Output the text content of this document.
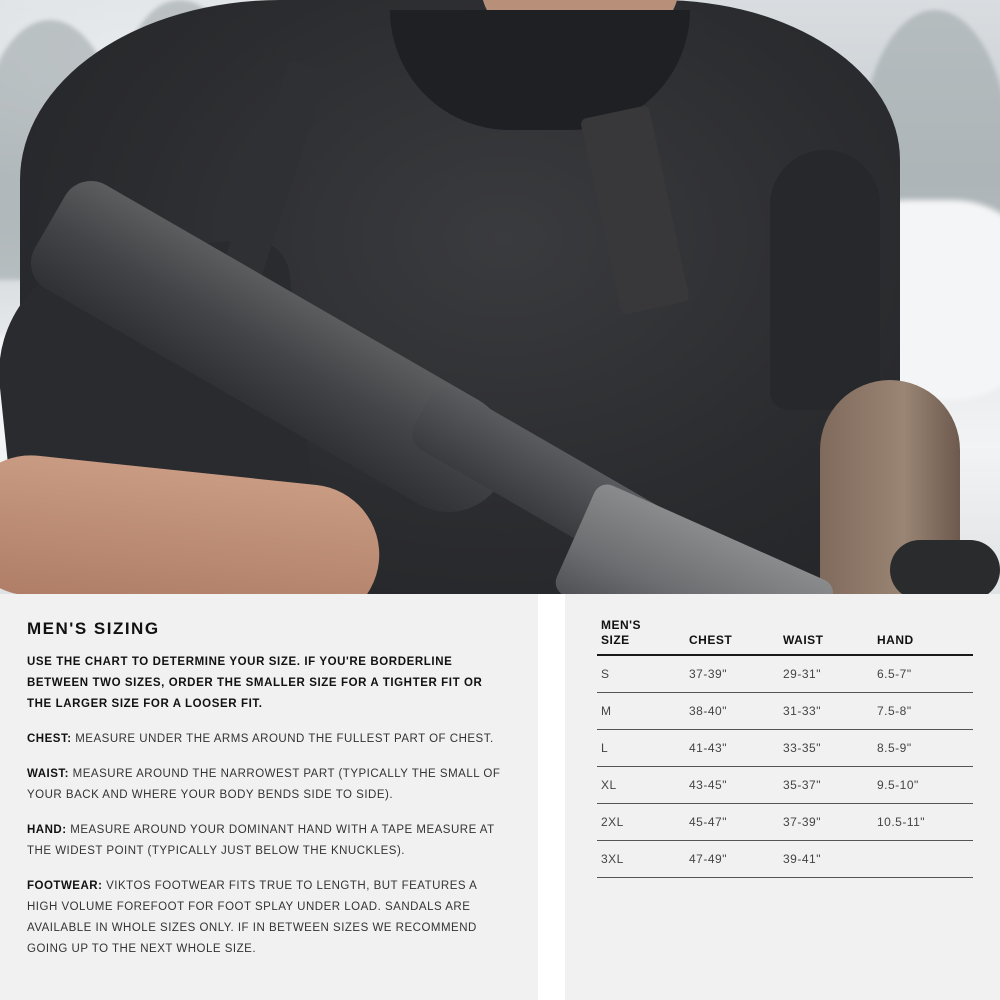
MEN'S SIZING

USE THE CHART TO DETERMINE YOUR SIZE. IF YOU'RE BORDERLINE BETWEEN TWO SIZES, ORDER THE SMALLER SIZE FOR A TIGHTER FIT OR THE LARGER SIZE FOR A LOOSER FIT.

CHEST: MEASURE UNDER THE ARMS AROUND THE FULLEST PART OF CHEST.

WAIST: MEASURE AROUND THE NARROWEST PART (TYPICALLY THE SMALL OF YOUR BACK AND WHERE YOUR BODY BENDS SIDE TO SIDE).

HAND: MEASURE AROUND YOUR DOMINANT HAND WITH A TAPE MEASURE AT THE WIDEST POINT (TYPICALLY JUST BELOW THE KNUCKLES).

FOOTWEAR: VIKTOS FOOTWEAR FITS TRUE TO LENGTH, BUT FEATURES A HIGH VOLUME FOREFOOT FOR FOOT SPLAY UNDER LOAD. SANDALS ARE AVAILABLE IN WHOLE SIZES ONLY. IF IN BETWEEN SIZES WE RECOMMEND GOING UP TO THE NEXT WHOLE SIZE.

MEN'S
SIZE	CHEST	WAIST	HAND
S	37-39"	29-31"	6.5-7"
M	38-40"	31-33"	7.5-8"
L	41-43"	33-35"	8.5-9"
XL	43-45"	35-37"	9.5-10"
2XL	45-47"	37-39"	10.5-11"
3XL	47-49"	39-41"	
